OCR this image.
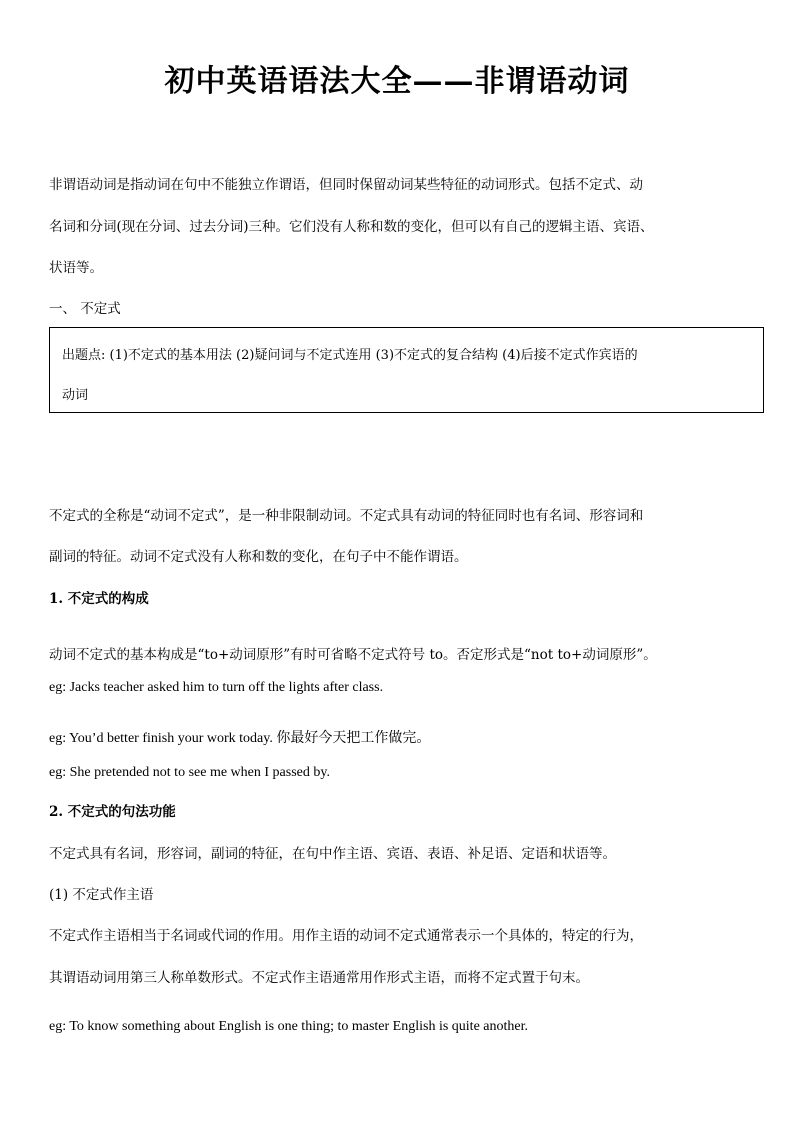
初中英语语法大全——非谓语动词

非谓语动词是指动词在句中不能独立作谓语，但同时保留动词某些特征的动词形式。包括不定式、动

名词和分词(现在分词、过去分词)三种。它们没有人称和数的变化，但可以有自己的逻辑主语、宾语、

状语等。

一、 不定式

出题点: (1)不定式的基本用法 (2)疑问词与不定式连用 (3)不定式的复合结构 (4)后接不定式作宾语的
动词

不定式的全称是“动词不定式”，是一种非限制动词。不定式具有动词的特征同时也有名词、形容词和

副词的特征。动词不定式没有人称和数的变化，在句子中不能作谓语。

1. 不定式的构成

动词不定式的基本构成是“to+动词原形”有时可省略不定式符号 to。否定形式是“not to+动词原形”。

eg: Jacks teacher asked him to turn off the lights after class.

eg: You’d better finish your work today. 你最好今天把工作做完。

eg: She pretended not to see me when I passed by.

2. 不定式的句法功能

不定式具有名词，形容词，副词的特征，在句中作主语、宾语、表语、补足语、定语和状语等。

(1) 不定式作主语

不定式作主语相当于名词或代词的作用。用作主语的动词不定式通常表示一个具体的，特定的行为，

其谓语动词用第三人称单数形式。不定式作主语通常用作形式主语，而将不定式置于句末。

eg: To know something about English is one thing; to master English is quite another.
